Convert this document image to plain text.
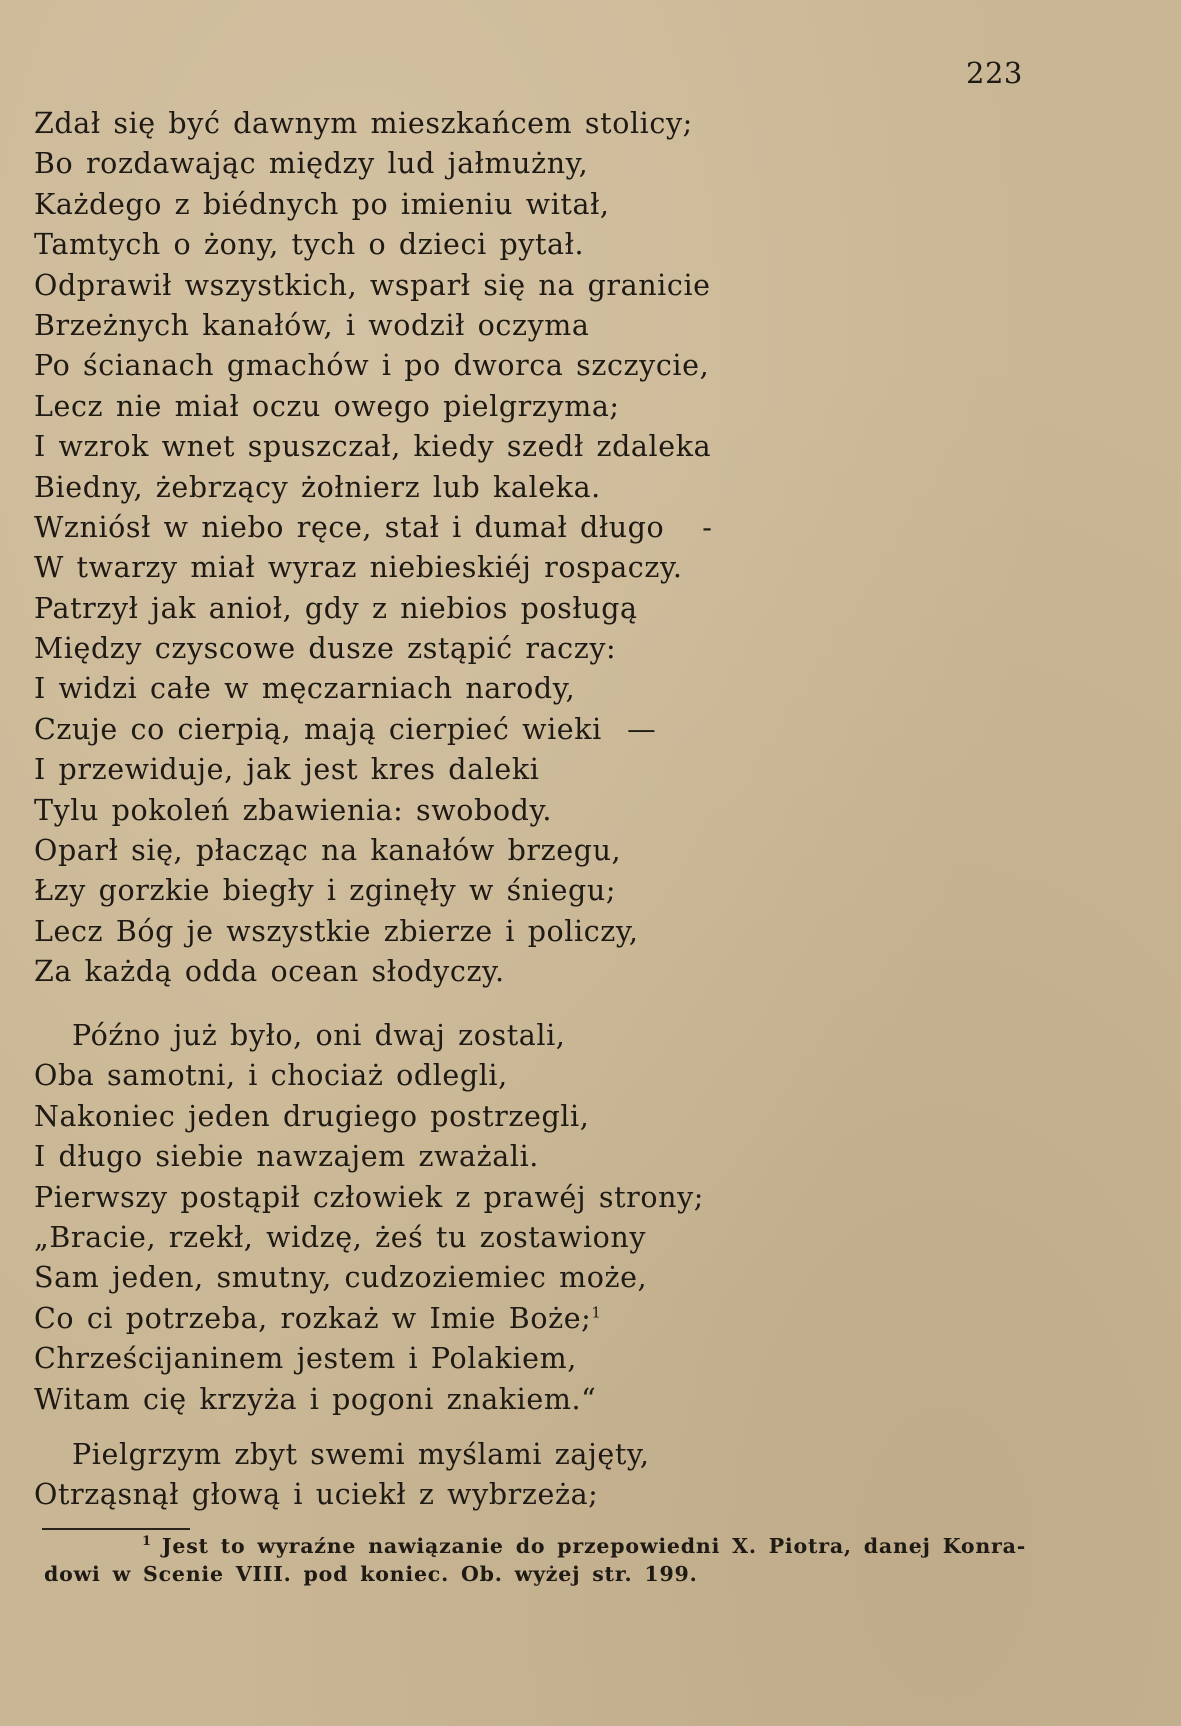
223
Zdał się być dawnym mieszkańcem stolicy;
Bo rozdawając między lud jałmużny,
Każdego z biédnych po imieniu witał,
Tamtych o żony, tych o dzieci pytał.
Odprawił wszystkich, wsparł się na granicie
Brzeżnych kanałów, i wodził oczyma
Po ścianach gmachów i po dworca szczycie,
Lecz nie miał oczu owego pielgrzyma;
I wzrok wnet spuszczał, kiedy szedł zdaleka
Biedny, żebrzący żołnierz lub kaleka.
Wzniósł w niebo ręce, stał i dumał długo   -
W twarzy miał wyraz niebieskiéj rospaczy.
Patrzył jak anioł, gdy z niebios posługą
Między czyscowe dusze zstąpić raczy:
I widzi całe w męczarniach narody,
Czuje co cierpią, mają cierpieć wieki  —
I przewiduje, jak jest kres daleki
Tylu pokoleń zbawienia: swobody.
Oparł się, płacząc na kanałów brzegu,
Łzy gorzkie biegły i zginęły w śniegu;
Lecz Bóg je wszystkie zbierze i policzy,
Za każdą odda ocean słodyczy.
Późno już było, oni dwaj zostali,
Oba samotni, i chociaż odlegli,
Nakoniec jeden drugiego postrzegli,
I długo siebie nawzajem zważali.
Pierwszy postąpił człowiek z prawéj strony;
„Bracie, rzekł, widzę, żeś tu zostawiony
Sam jeden, smutny, cudzoziemiec może,
Co ci potrzeba, rozkaż w Imie Boże;$^1$
Chrześcijaninem jestem i Polakiem,
Witam cię krzyża i pogoni znakiem.“
Pielgrzym zbyt swemi myślami zajęty,
Otrząsnął głową i uciekł z wybrzeża;
$^1$ Jest to wyraźne nawiązanie do przepowiedni X. Piotra, danej Konra-
dowi w Scenie VIII. pod koniec. Ob. wyżej str. 199.
